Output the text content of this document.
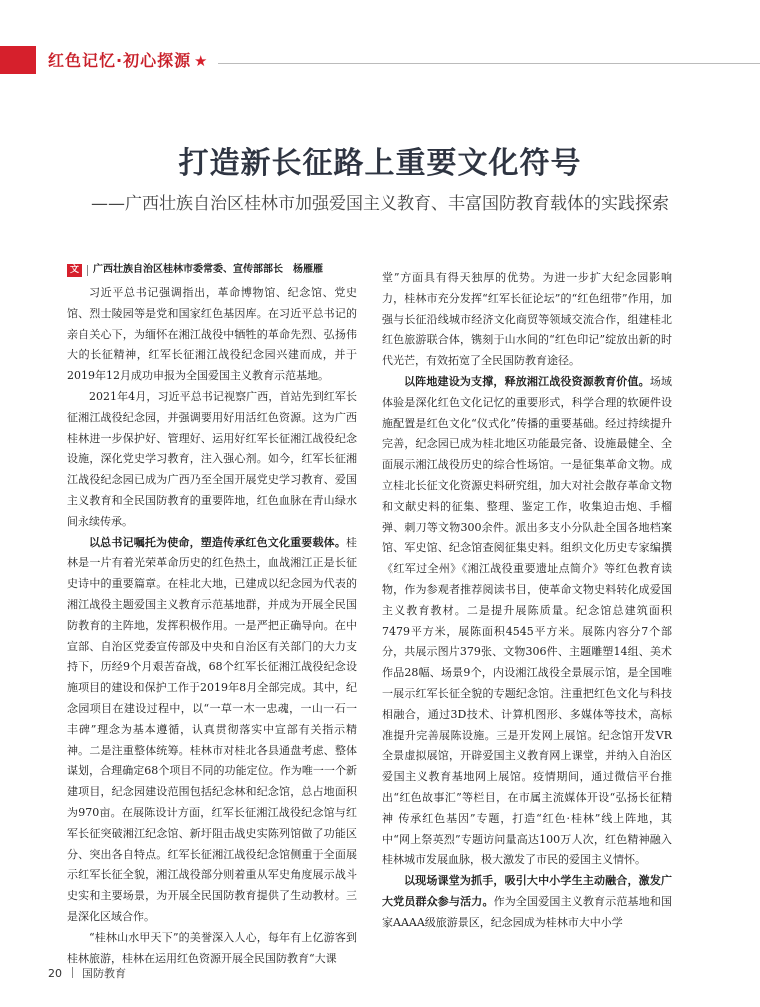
红色记忆·初心探源 ★
打造新长征路上重要文化符号
——广西壮族自治区桂林市加强爱国主义教育、丰富国防教育载体的实践探索
文	广西壮族自治区桂林市委常委、宣传部部长　杨雁雁

习近平总书记强调指出，革命博物馆、纪念馆、党史馆、烈士陵园等是党和国家红色基因库。在习近平总书记的亲自关心下，为缅怀在湘江战役中牺牲的革命先烈、弘扬伟大的长征精神，红军长征湘江战役纪念园兴建而成，并于2019年12月成功申报为全国爱国主义教育示范基地。

2021年4月，习近平总书记视察广西，首站先到红军长征湘江战役纪念园，并强调要用好用活红色资源。这为广西桂林进一步保护好、管理好、运用好红军长征湘江战役纪念设施，深化党史学习教育，注入强心剂。如今，红军长征湘江战役纪念园已成为广西乃至全国开展党史学习教育、爱国主义教育和全民国防教育的重要阵地，红色血脉在青山绿水间永续传承。

以总书记嘱托为使命，塑造传承红色文化重要载体。桂林是一片有着光荣革命历史的红色热土，血战湘江正是长征史诗中的重要篇章。在桂北大地，已建成以纪念园为代表的湘江战役主题爱国主义教育示范基地群，并成为开展全民国防教育的主阵地，发挥积极作用。一是严把正确导向。在中宣部、自治区党委宣传部及中央和自治区有关部门的大力支持下，历经9个月艰苦奋战，68个红军长征湘江战役纪念设施项目的建设和保护工作于2019年8月全部完成。其中，纪念园项目在建设过程中，以“一草一木一忠魂，一山一石一丰碑”理念为基本遵循，认真贯彻落实中宣部有关指示精神。二是注重整体统筹。桂林市对桂北各县通盘考虑、整体谋划，合理确定68个项目不同的功能定位。作为唯一一个新建项目，纪念园建设范围包括纪念林和纪念馆，总占地面积为970亩。在展陈设计方面，红军长征湘江战役纪念馆与红军长征突破湘江纪念馆、新圩阻击战史实陈列馆做了功能区分、突出各自特点。红军长征湘江战役纪念馆侧重于全面展示红军长征全貌，湘江战役部分则着重从军史角度展示战斗史实和主要场景，为开展全民国防教育提供了生动教材。三是深化区域合作。

“桂林山水甲天下”的美誉深入人心，每年有上亿游客到桂林旅游，桂林在运用红色资源开展全民国防教育“大课

堂”方面具有得天独厚的优势。为进一步扩大纪念园影响力，桂林市充分发挥“红军长征论坛”的“红色纽带”作用，加强与长征沿线城市经济文化商贸等领域交流合作，组建桂北红色旅游联合体，镌刻于山水间的“红色印记”绽放出新的时代光芒，有效拓宽了全民国防教育途径。

以阵地建设为支撑，释放湘江战役资源教育价值。场域体验是深化红色文化记忆的重要形式，科学合理的软硬件设施配置是红色文化“仪式化”传播的重要基础。经过持续提升完善，纪念园已成为桂北地区功能最完备、设施最健全、全面展示湘江战役历史的综合性场馆。一是征集革命文物。成立桂北长征文化资源史料研究组，加大对社会散存革命文物和文献史料的征集、整理、鉴定工作，收集迫击炮、手榴弹、刺刀等文物300余件。派出多支小分队赴全国各地档案馆、军史馆、纪念馆查阅征集史料。组织文化历史专家编撰《红军过全州》《湘江战役重要遗址点简介》等红色教育读物，作为参观者推荐阅读书目，使革命文物史料转化成爱国主义教育教材。二是提升展陈质量。纪念馆总建筑面积7479平方米，展陈面积4545平方米。展陈内容分7个部分，共展示图片379张、文物306件、主题雕塑14组、美术作品28幅、场景9个，内设湘江战役全景展示馆，是全国唯一展示红军长征全貌的专题纪念馆。注重把红色文化与科技相融合，通过3D技术、计算机图形、多媒体等技术，高标准提升完善展陈设施。三是开发网上展馆。纪念馆开发VR全景虚拟展馆，开辟爱国主义教育网上课堂，并纳入自治区爱国主义教育基地网上展馆。疫情期间，通过微信平台推出“红色故事汇”等栏目，在市属主流媒体开设“弘扬长征精神 传承红色基因”专题，打造“红色·桂林”线上阵地，其中“网上祭英烈”专题访问量高达100万人次，红色精神融入桂林城市发展血脉，极大激发了市民的爱国主义情怀。

以现场课堂为抓手，吸引大中小学生主动融合，激发广大党员群众参与活力。作为全国爱国主义教育示范基地和国家AAAA级旅游景区，纪念园成为桂林市大中小学

20 国防教育
